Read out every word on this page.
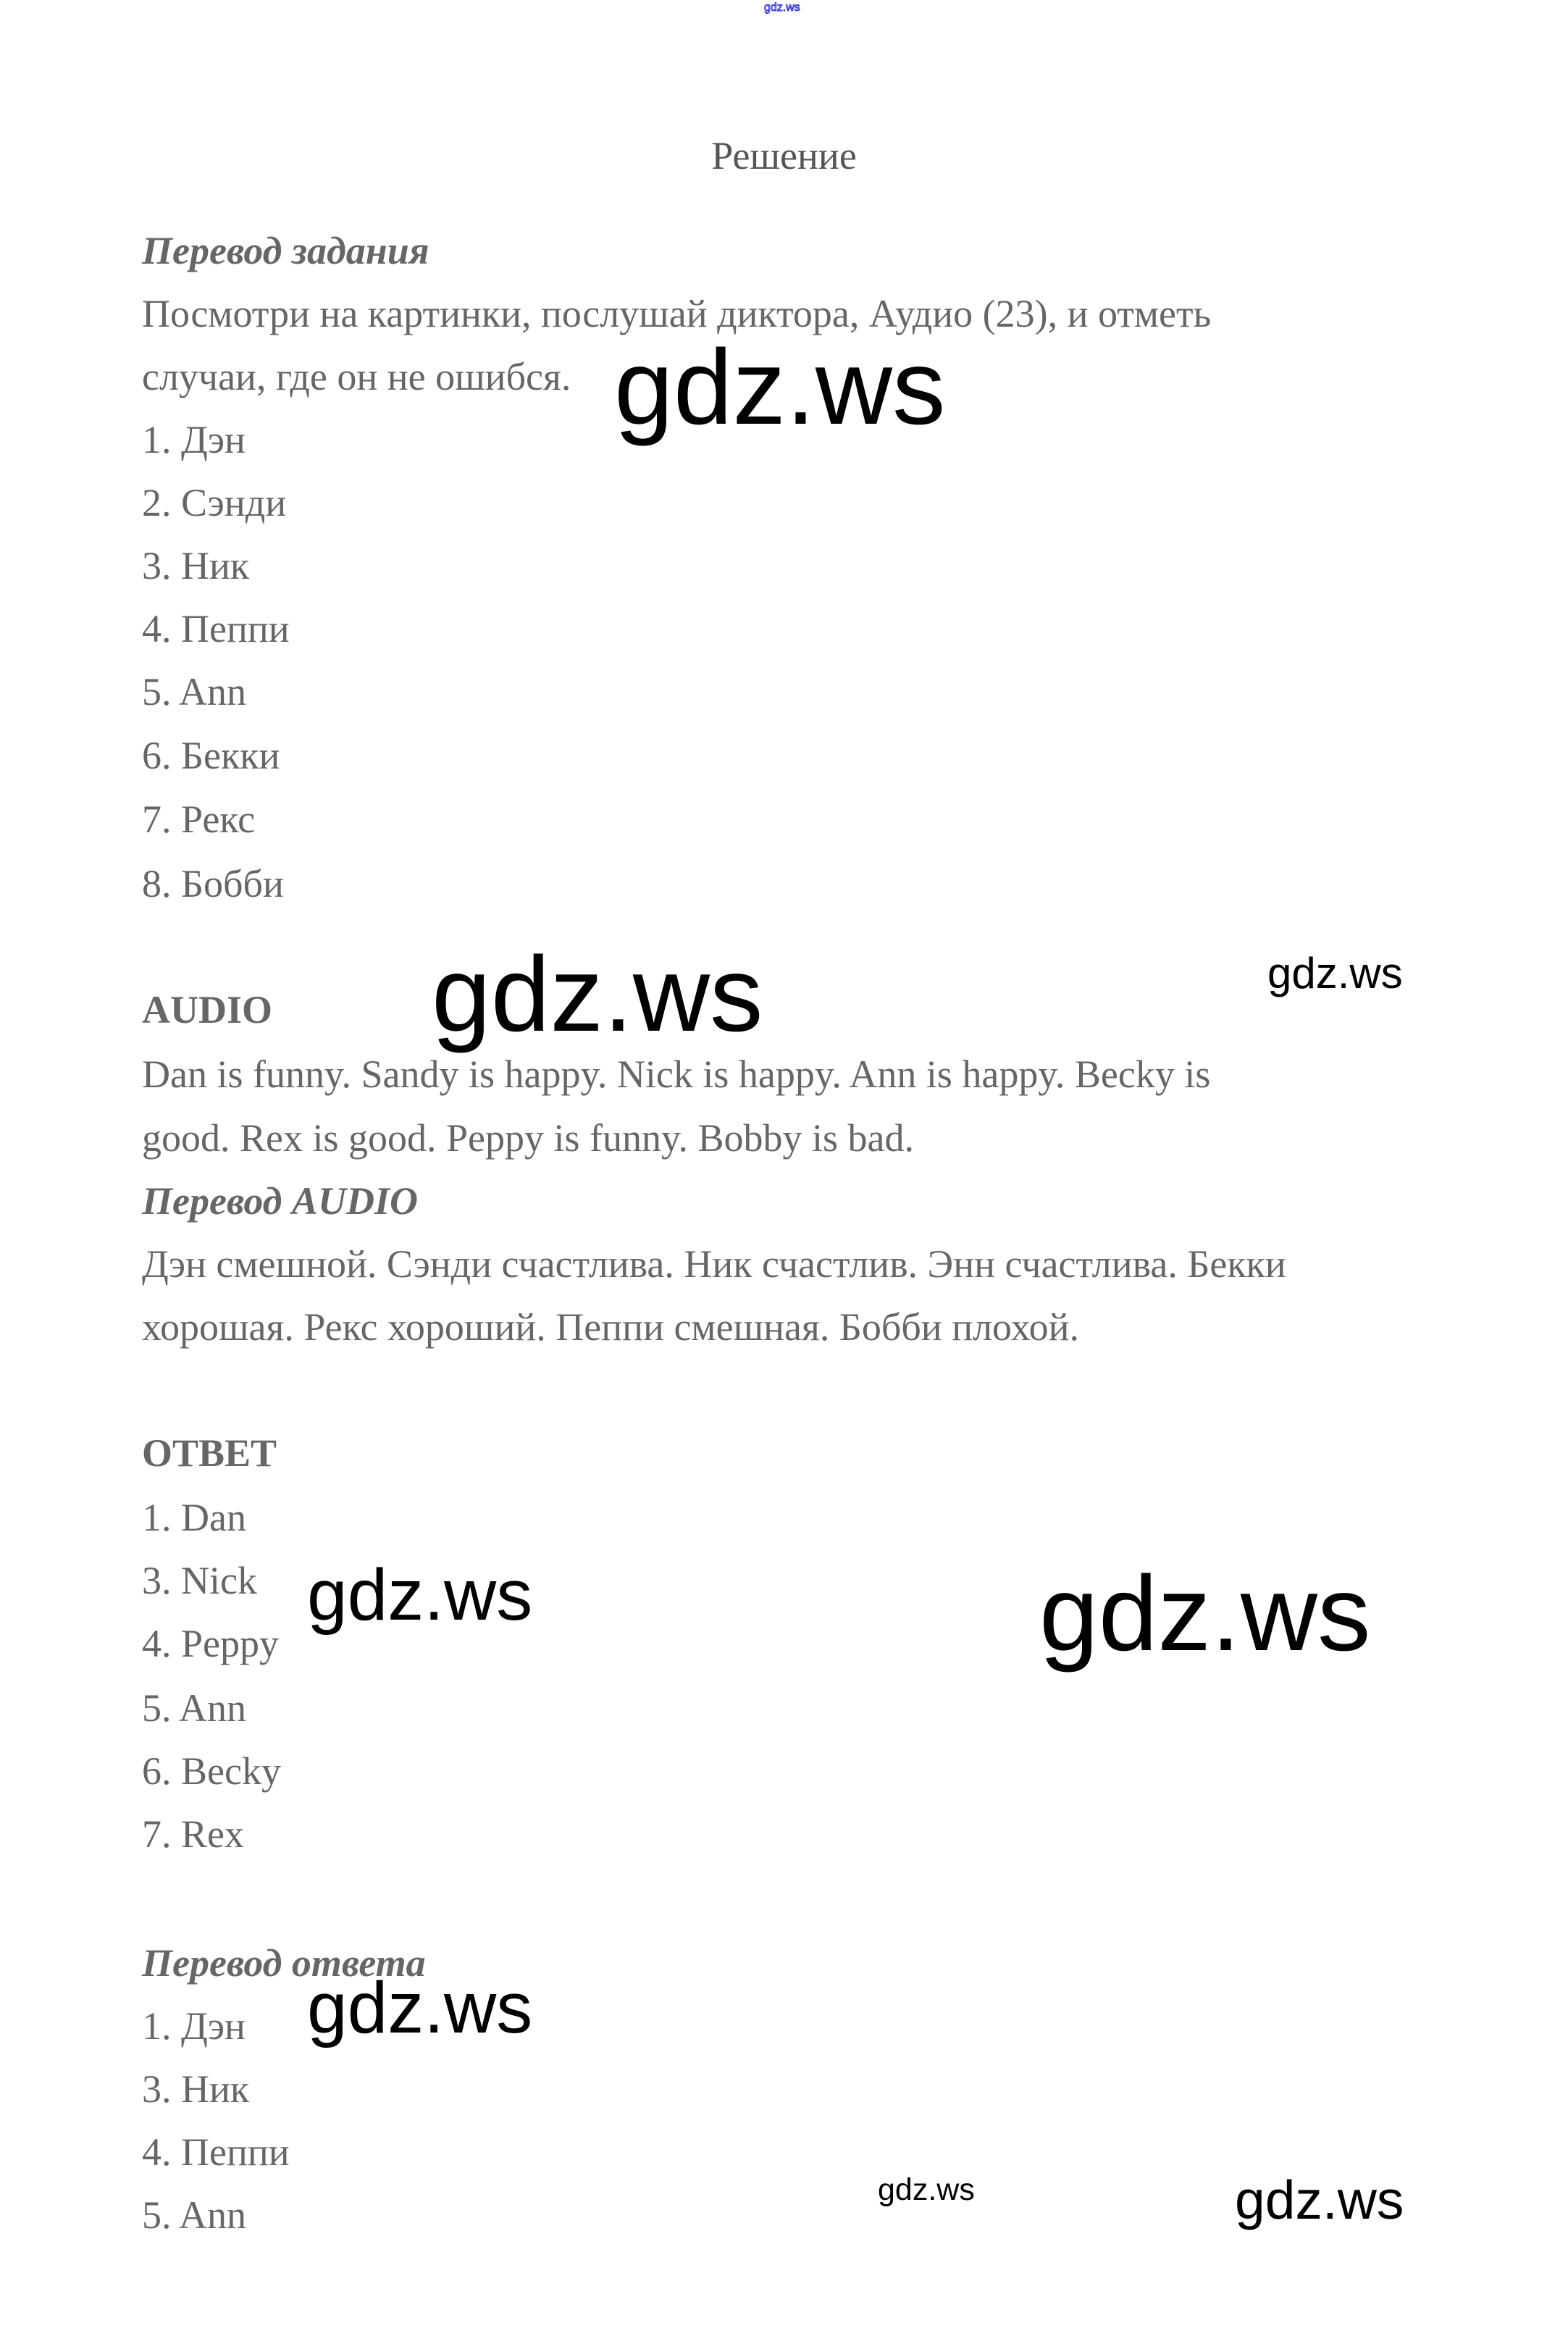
gdz.ws
Решение
Перевод задания
Посмотри на картинки, послушай диктора, Аудио (23), и отметь
случаи, где он не ошибся.
1. Дэн
2. Сэнди
3. Ник
4. Пеппи
5. Ann
6. Бекки
7. Рекс
8. Бобби
AUDIO
Dan is funny. Sandy is happy. Nick is happy. Ann is happy. Becky is
good. Rex is good. Peppy is funny. Bobby is bad.
Перевод AUDIO
Дэн смешной. Сэнди счастлива. Ник счастлив. Энн счастлива. Бекки
хорошая. Рекс хороший. Пеппи смешная. Бобби плохой.
ОТВЕТ
1. Dan
3. Nick
4. Peppy
5. Ann
6. Becky
7. Rex
Перевод ответа
1. Дэн
3. Ник
4. Пеппи
5. Ann
gdz.ws
gdz.ws	gdz.ws
gdz.ws	gdz.ws
gdz.ws
gdz.ws	gdz.ws
